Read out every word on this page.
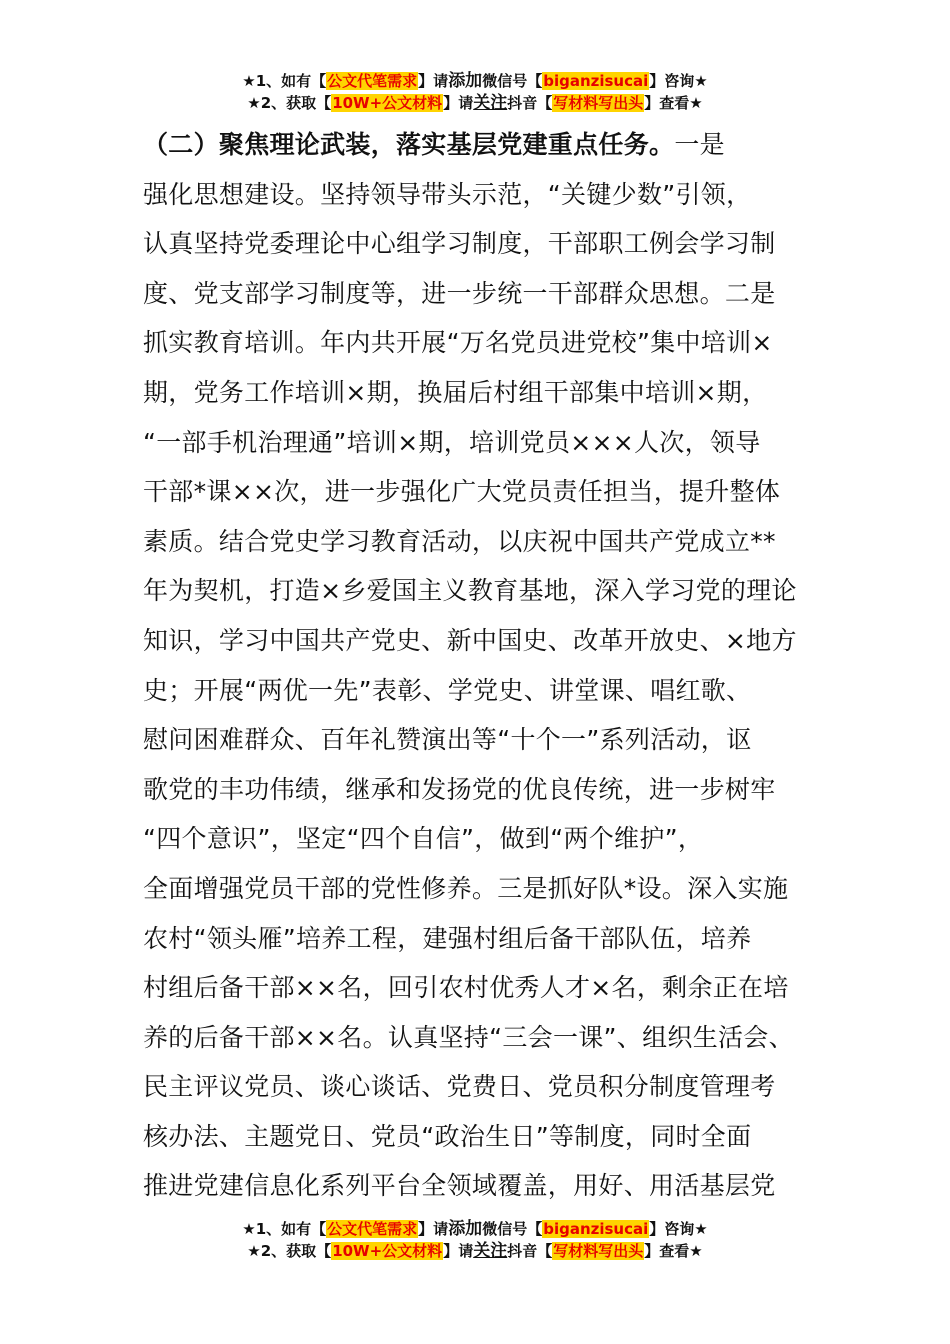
★1、如有【公文代笔需求】请添加微信号【biganzisucai】咨询★
★2、获取【10W+公文材料】请关注抖音【写材料写出头】查看★
（二）聚焦理论武装，落实基层党建重点任务。一是
强化思想建设。坚持领导带头示范，“关键少数”引领，
认真坚持党委理论中心组学习制度，干部职工例会学习制
度、党支部学习制度等，进一步统一干部群众思想。二是
抓实教育培训。年内共开展“万名党员进党校”集中培训×
期，党务工作培训×期，换届后村组干部集中培训×期，
“一部手机治理通”培训×期，培训党员×××人次，领导
干部*课××次，进一步强化广大党员责任担当，提升整体
素质。结合党史学习教育活动，以庆祝中国共产党成立**
年为契机，打造×乡爱国主义教育基地，深入学习党的理论
知识，学习中国共产党史、新中国史、改革开放史、×地方
史；开展“两优一先”表彰、学党史、讲堂课、唱红歌、
慰问困难群众、百年礼赞演出等“十个一”系列活动，讴
歌党的丰功伟绩，继承和发扬党的优良传统，进一步树牢
“四个意识”，坚定“四个自信”，做到“两个维护”，
全面增强党员干部的党性修养。三是抓好队*设。深入实施
农村“领头雁”培养工程，建强村组后备干部队伍，培养
村组后备干部××名，回引农村优秀人才×名，剩余正在培
养的后备干部××名。认真坚持“三会一课”、组织生活会、
民主评议党员、谈心谈话、党费日、党员积分制度管理考
核办法、主题党日、党员“政治生日”等制度，同时全面
推进党建信息化系列平台全领域覆盖，用好、用活基层党
★1、如有【公文代笔需求】请添加微信号【biganzisucai】咨询★
★2、获取【10W+公文材料】请关注抖音【写材料写出头】查看★
